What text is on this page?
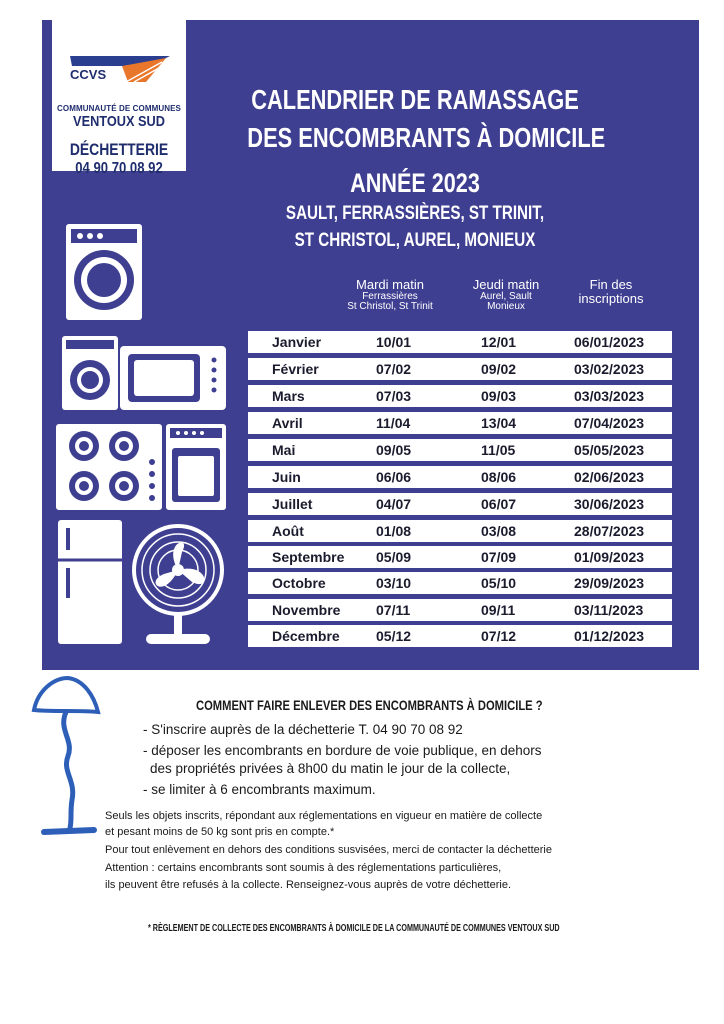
CCVS
COMMUNAUTÉ DE COMMUNES
VENTOUX SUD
DÉCHETTERIE
04 90 70 08 92
CALENDRIER DE RAMASSAGE
DES ENCOMBRANTS À DOMICILE
ANNÉE 2023
SAULT, FERRASSIÈRES, ST TRINIT,
ST CHRISTOL, AUREL, MONIEUX
Mardi matin
Ferrassières
St Christol, St Trinit
Jeudi matin
Aurel, Sault
Monieux
Fin des
inscriptions
Janvier	10/01	12/01	06/01/2023
Février	07/02	09/02	03/02/2023
Mars	07/03	09/03	03/03/2023
Avril	11/04	13/04	07/04/2023
Mai	09/05	11/05	05/05/2023
Juin	06/06	08/06	02/06/2023
Juillet	04/07	06/07	30/06/2023
Août	01/08	03/08	28/07/2023
Septembre 05/09	07/09	01/09/2023
Octobre	03/10	05/10	29/09/2023
Novembre	07/11	09/11	03/11/2023
Décembre	05/12	07/12	01/12/2023
COMMENT FAIRE ENLEVER DES ENCOMBRANTS À DOMICILE ?
- S'inscrire auprès de la déchetterie T. 04 90 70 08 92
- déposer les encombrants en bordure de voie publique, en dehors
des propriétés privées à 8h00 du matin le jour de la collecte,
- se limiter à 6 encombrants maximum.
Seuls les objets inscrits, répondant aux réglementations en vigueur en matière de collecte
et pesant moins de 50 kg sont pris en compte.*
Pour tout enlèvement en dehors des conditions susvisées, merci de contacter la déchetterie
Attention : certains encombrants sont soumis à des réglementations particulières,
ils peuvent être refusés à la collecte. Renseignez-vous auprès de votre déchetterie.
* RÈGLEMENT DE COLLECTE DES ENCOMBRANTS À DOMICILE DE LA COMMUNAUTÉ DE COMMUNES VENTOUX SUD
